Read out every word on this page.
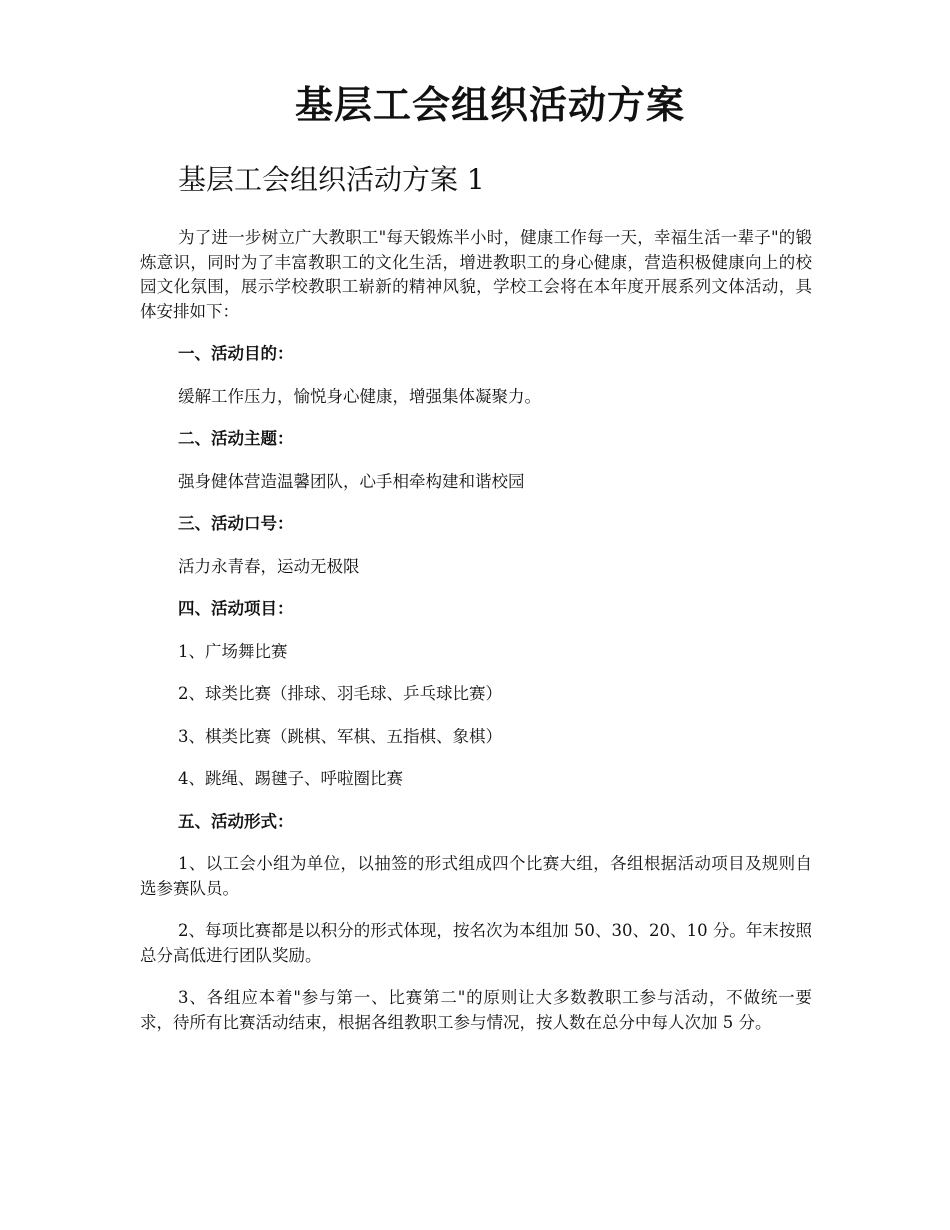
基层工会组织活动方案
基层工会组织活动方案 1

为了进一步树立广大教职工"每天锻炼半小时，健康工作每一天，幸福生活一辈子"的锻炼意识，同时为了丰富教职工的文化生活，增进教职工的身心健康，营造积极健康向上的校园文化氛围，展示学校教职工崭新的精神风貌，学校工会将在本年度开展系列文体活动，具体安排如下：

一、活动目的：
缓解工作压力，愉悦身心健康，增强集体凝聚力。
二、活动主题：
强身健体营造温馨团队，心手相牵构建和谐校园
三、活动口号：
活力永青春，运动无极限
四、活动项目：
1、广场舞比赛
2、球类比赛（排球、羽毛球、乒乓球比赛）
3、棋类比赛（跳棋、军棋、五指棋、象棋）
4、跳绳、踢毽子、呼啦圈比赛
五、活动形式：

1、以工会小组为单位，以抽签的形式组成四个比赛大组，各组根据活动项目及规则自选参赛队员。

2、每项比赛都是以积分的形式体现，按名次为本组加 50、30、20、10 分。年末按照总分高低进行团队奖励。

3、各组应本着"参与第一、比赛第二"的原则让大多数教职工参与活动，不做统一要求，待所有比赛活动结束，根据各组教职工参与情况，按人数在总分中每人次加 5 分。
